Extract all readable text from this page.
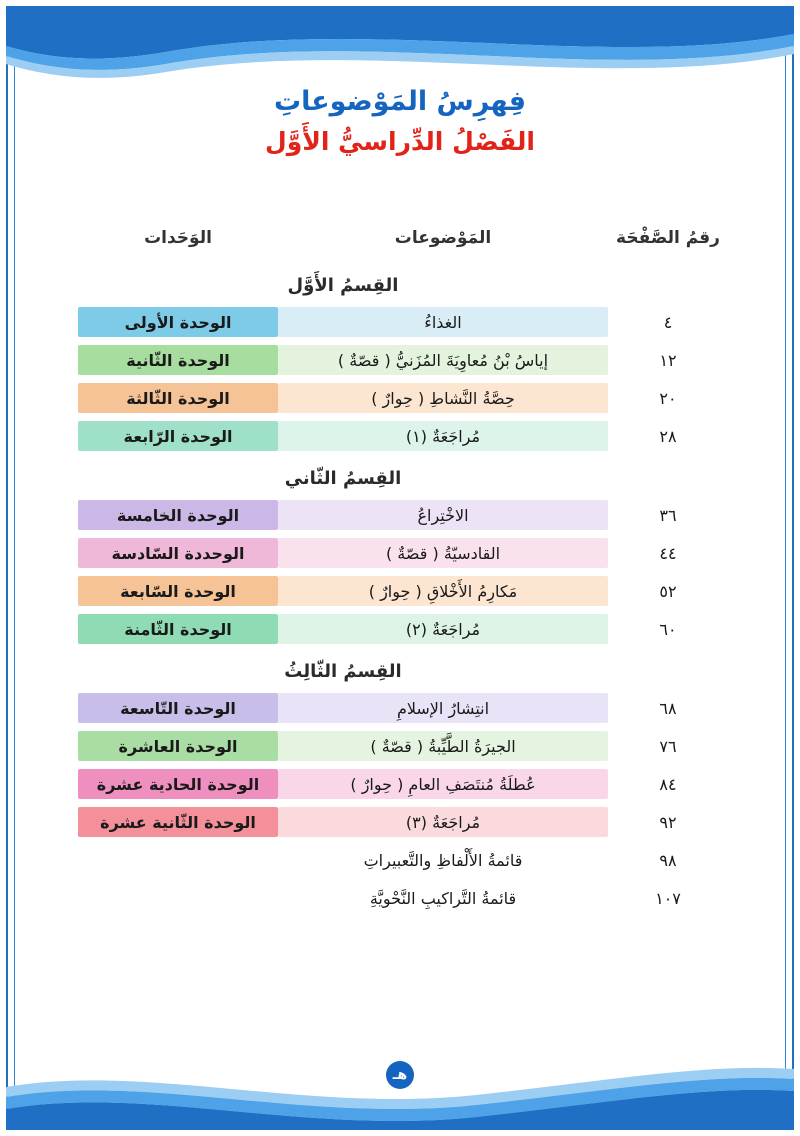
فِهرِسُ المَوْضوعاتِ
الفَصْلُ الدِّراسيُّ الأَوَّل
رقمُ الصَّفْحَة
المَوْضوعات
الوَحَدات
القِسمُ الأَوَّل
٤
الغذاءُ
الوحدة الأولى
١٢
إياسُ بْنُ مُعاوِيَةَ المُزَنيُّ ( قصّةٌ )
الوحدة الثّانية
٢٠
حِصَّةُ النَّشاطِ ( حِوارٌ )
الوحدة الثّالثة
٢٨
مُراجَعَةٌ (١)
الوحدة الرّابعة
القِسمُ الثّاني
٣٦
الاخْتِراعُ
الوحدة الخامسة
٤٤
القادسيّةُ ( قصّةٌ )
الوحددة السّادسة
٥٢
مَكارِمُ الأَخْلاقِ ( حِوارٌ )
الوحدة السّابعة
٦٠
مُراجَعَةٌ (٢)
الوحدة الثّامنة
القِسمُ الثّالِثُ
٦٨
انتِشارُ الإسلامِ
الوحدة التّاسعة
٧٦
الجيرَةُ الطَّيِّبةُ ( قصّةٌ )
الوحدة العاشرة
٨٤
عُطلَةُ مُنتَصَفِ العامِ ( حِوارٌ )
الوحدة الحادية عشرة
٩٢
مُراجَعَةٌ (٣)
الوحدة الثّانية عشرة
٩٨
قائمةُ الأَلْفاظِ والتَّعبيراتِ
١٠٧
قائمةُ التَّراكيبِ النَّحْويَّةِ
هـ
